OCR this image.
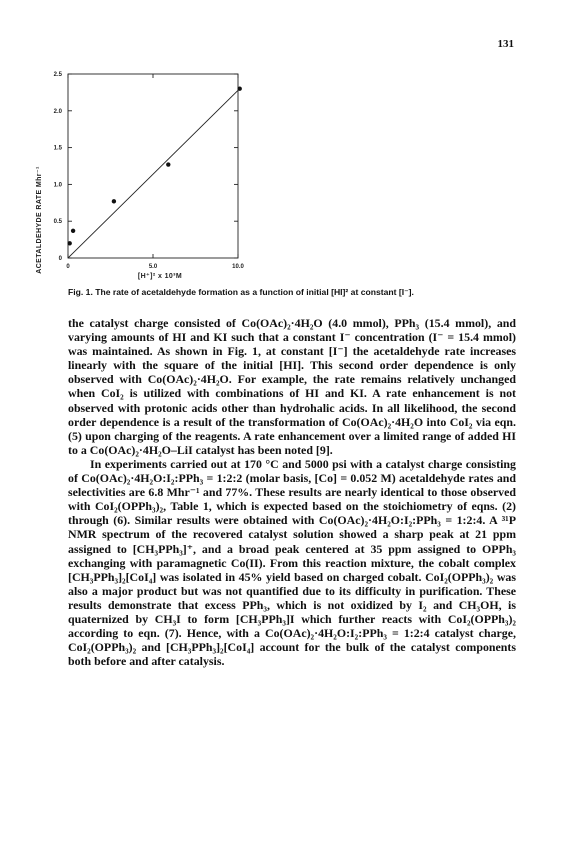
131
ACETALDEHYDE RATE Mhr⁻¹
[H⁺]² x 10³M
0
0.5
1.0
1.5
2.0
2.5
0	5.0	10.0
Fig. 1. The rate of acetaldehyde formation as a function of initial [HI]² at constant [I⁻].

the catalyst charge consisted of Co(OAc)₂·4H₂O (4.0 mmol), PPh₃ (15.4 mmol), and varying amounts of HI and KI such that a constant I⁻ concentration (I⁻ = 15.4 mmol) was maintained. As shown in Fig. 1, at constant [I⁻] the acetaldehyde rate increases linearly with the square of the initial [HI]. This second order dependence is only observed with Co(OAc)₂·4H₂O. For example, the rate remains relatively unchanged when CoI₂ is utilized with combinations of HI and KI. A rate enhancement is not observed with protonic acids other than hydrohalic acids. In all likelihood, the second order dependence is a result of the transformation of Co(OAc)₂·4H₂O into CoI₂ via eqn. (5) upon charging of the reagents. A rate enhancement over a limited range of added HI to a Co(OAc)₂·4H₂O–LiI catalyst has been noted [9].

In experiments carried out at 170 °C and 5000 psi with a catalyst charge consisting of Co(OAc)₂·4H₂O:I₂:PPh₃ = 1:2:2 (molar basis, [Co] = 0.052 M) acetaldehyde rates and selectivities are 6.8 Mhr⁻¹ and 77%. These results are nearly identical to those observed with CoI₂(OPPh₃)₂, Table 1, which is expected based on the stoichiometry of eqns. (2) through (6). Similar results were obtained with Co(OAc)₂·4H₂O:I₂:PPh₃ = 1:2:4. A ³¹P NMR spectrum of the recovered catalyst solution showed a sharp peak at 21 ppm assigned to [CH₃PPh₃]⁺, and a broad peak centered at 35 ppm assigned to OPPh₃ exchanging with paramagnetic Co(II). From this reaction mixture, the cobalt complex [CH₃PPh₃]₂[CoI₄] was isolated in 45% yield based on charged cobalt. CoI₂(OPPh₃)₂ was also a major product but was not quantified due to its difficulty in purification. These results demonstrate that excess PPh₃, which is not oxidized by I₂ and CH₃OH, is quaternized by CH₃I to form [CH₃PPh₃]I which further reacts with CoI₂(OPPh₃)₂ according to eqn. (7). Hence, with a Co(OAc)₂·4H₂O:I₂:PPh₃ = 1:2:4 catalyst charge, CoI₂(OPPh₃)₂ and [CH₃PPh₃]₂[CoI₄] account for the bulk of the catalyst components both before and after catalysis.
